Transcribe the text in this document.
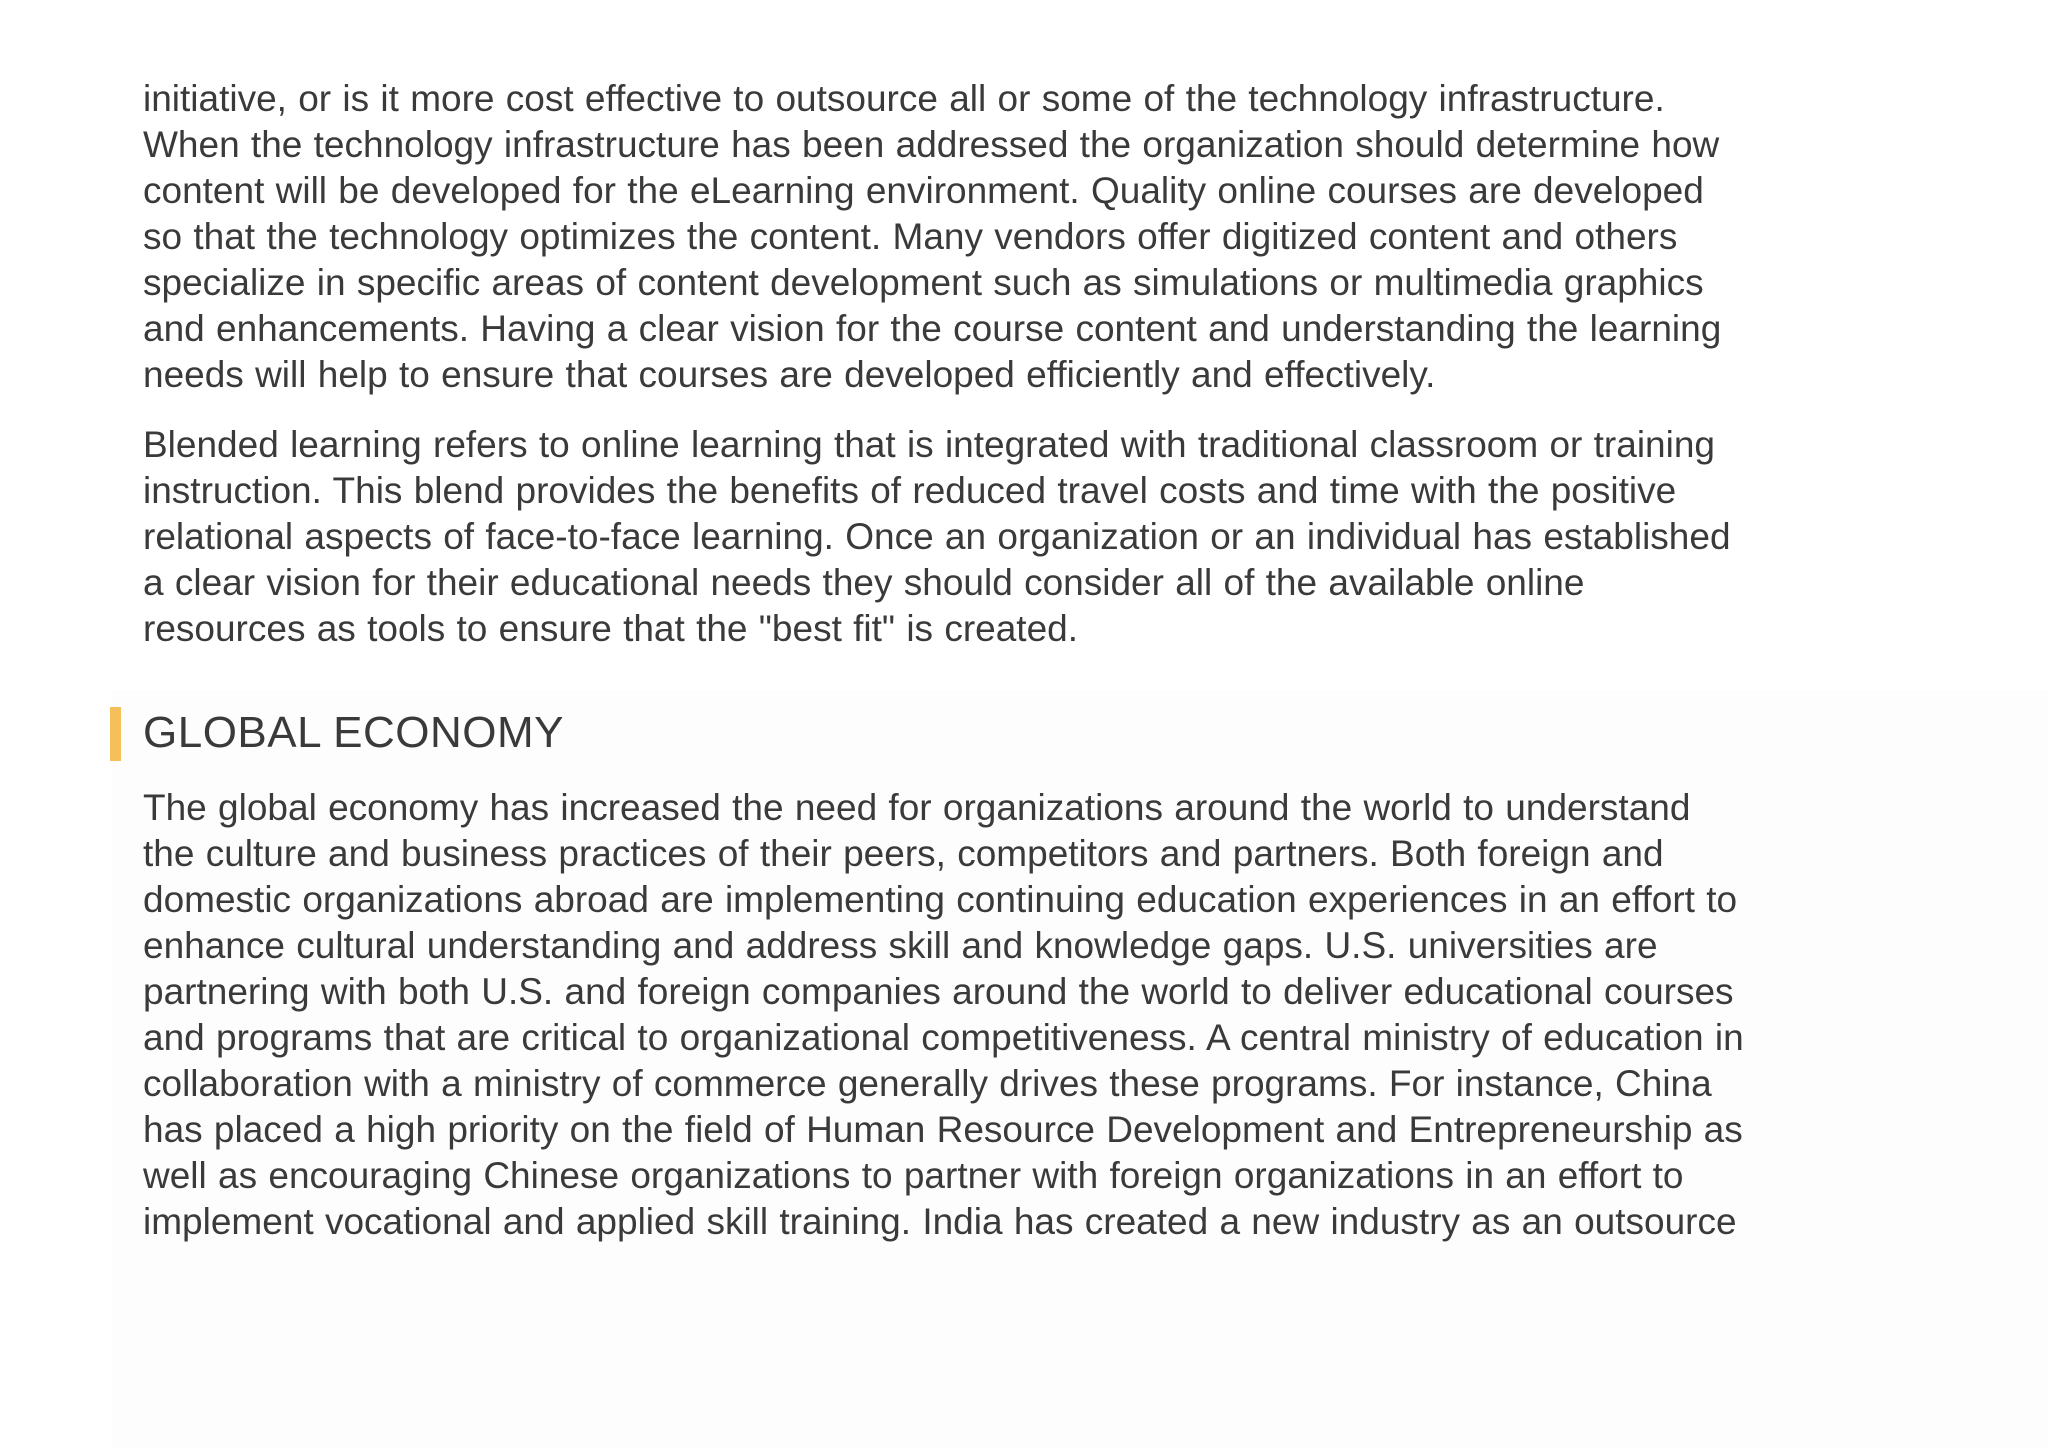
initiative, or is it more cost effective to outsource all or some of the technology infrastructure.
When the technology infrastructure has been addressed the organization should determine how
content will be developed for the eLearning environment. Quality online courses are developed
so that the technology optimizes the content. Many vendors offer digitized content and others
specialize in specific areas of content development such as simulations or multimedia graphics
and enhancements. Having a clear vision for the course content and understanding the learning
needs will help to ensure that courses are developed efficiently and effectively.

Blended learning refers to online learning that is integrated with traditional classroom or training
instruction. This blend provides the benefits of reduced travel costs and time with the positive
relational aspects of face-to-face learning. Once an organization or an individual has established
a clear vision for their educational needs they should consider all of the available online
resources as tools to ensure that the "best fit" is created.

GLOBAL ECONOMY

The global economy has increased the need for organizations around the world to understand
the culture and business practices of their peers, competitors and partners. Both foreign and
domestic organizations abroad are implementing continuing education experiences in an effort to
enhance cultural understanding and address skill and knowledge gaps. U.S. universities are
partnering with both U.S. and foreign companies around the world to deliver educational courses
and programs that are critical to organizational competitiveness. A central ministry of education in
collaboration with a ministry of commerce generally drives these programs. For instance, China
has placed a high priority on the field of Human Resource Development and Entrepreneurship as
well as encouraging Chinese organizations to partner with foreign organizations in an effort to
implement vocational and applied skill training. India has created a new industry as an outsource
